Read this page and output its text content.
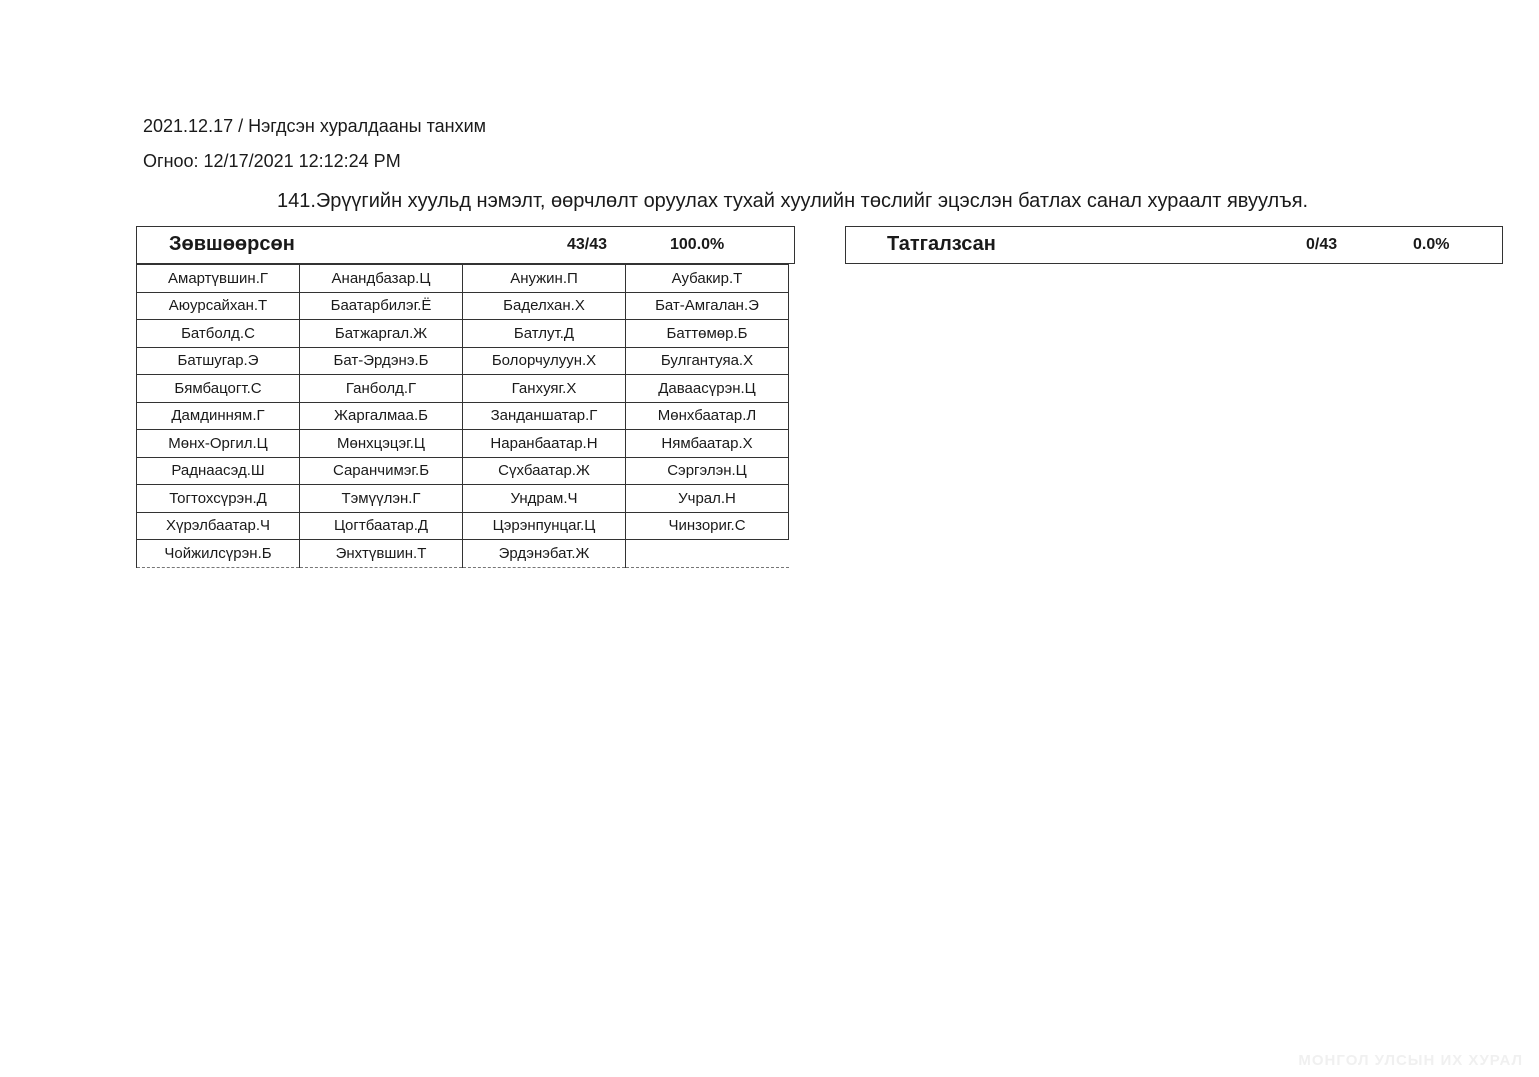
2021.12.17 / Нэгдсэн хуралдааны танхим
Огноо: 12/17/2021 12:12:24 PM
141.Эрүүгийн хуульд нэмэлт, өөрчлөлт оруулах тухай хуулийн төслийг эцэслэн батлах санал хураалт явуулъя.
Зөвшөөрсөн	43/43	100.0%	Татгалзсан	0/43	0.0%
Амартүвшин.Г	Анандбазар.Ц	Анужин.П	Аубакир.Т
Аюурсайхан.Т	Баатарбилэг.Ё	Баделхан.Х	Бат-Амгалан.Э
Батболд.С	Батжаргал.Ж	Батлут.Д	Баттөмөр.Б
Батшугар.Э	Бат-Эрдэнэ.Б	Болорчулуун.Х	Булгантуяа.Х
Бямбацогт.С	Ганболд.Г	Ганхуяг.Х	Даваасүрэн.Ц
Дамдинням.Г	Жаргалмаа.Б	Занданшатар.Г	Мөнхбаатар.Л
Мөнх-Оргил.Ц	Мөнхцэцэг.Ц	Наранбаатар.Н	Нямбаатар.Х
Раднаасэд.Ш	Саранчимэг.Б	Сүхбаатар.Ж	Сэргэлэн.Ц
Тогтохсүрэн.Д	Тэмүүлэн.Г	Ундрам.Ч	Учрал.Н
Хүрэлбаатар.Ч	Цогтбаатар.Д	Цэрэнпунцаг.Ц	Чинзориг.С
Чойжилсүрэн.Б	Энхтүвшин.Т	Эрдэнэбат.Ж	
МОНГОЛ УЛСЫН ИХ ХУРАЛ
